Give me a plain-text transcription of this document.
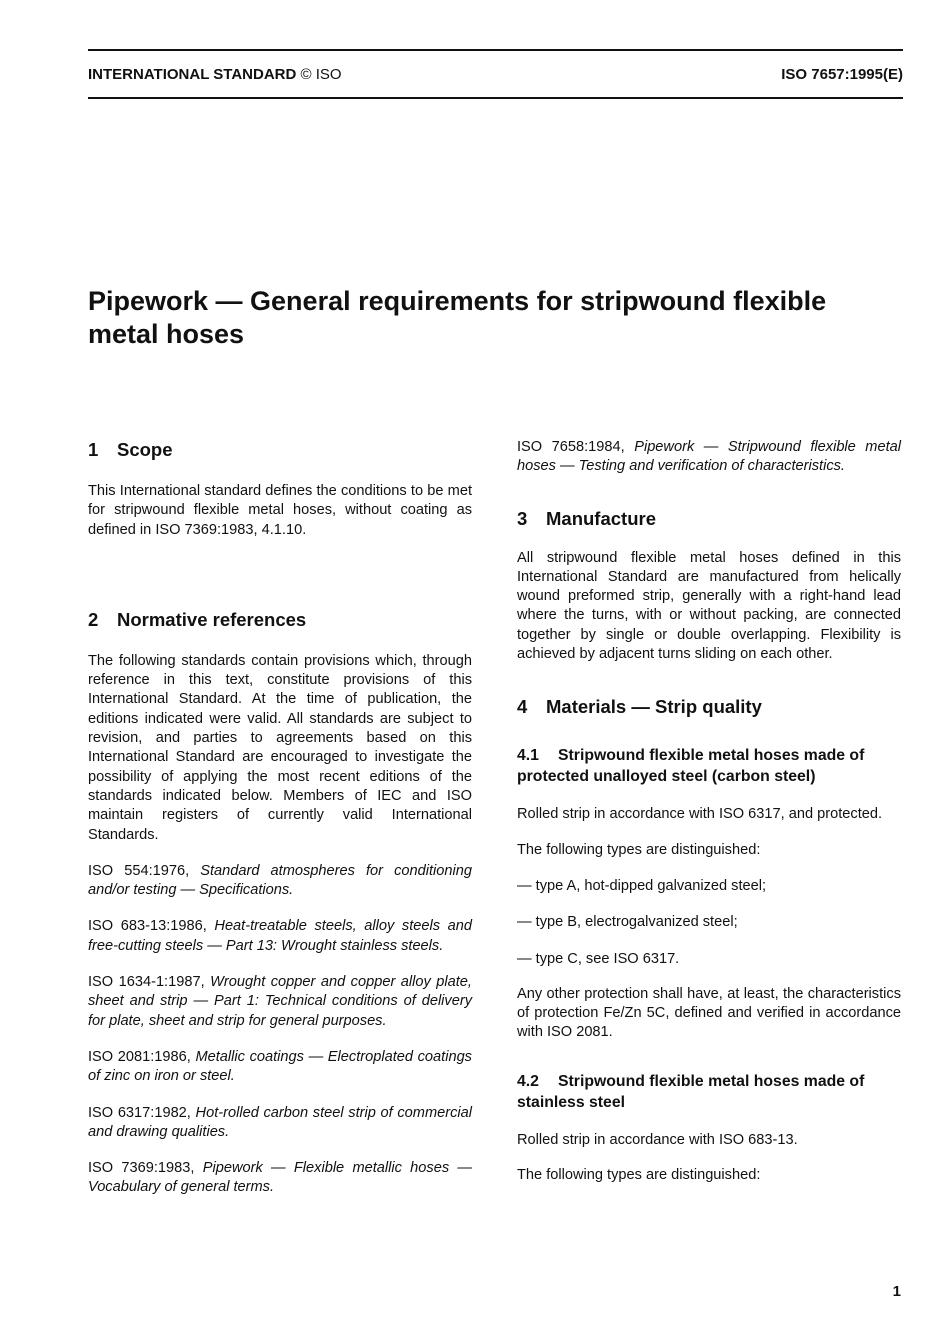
INTERNATIONAL STANDARD © ISO	ISO 7657:1995(E)
Pipework — General requirements for stripwound flexible metal hoses
1 Scope

This International standard defines the conditions to be met for stripwound flexible metal hoses, without coating as defined in ISO 7369:1983, 4.1.10.

2 Normative references

The following standards contain provisions which, through reference in this text, constitute provisions of this International Standard. At the time of publication, the editions indicated were valid. All standards are subject to revision, and parties to agreements based on this International Standard are encouraged to investigate the possibility of applying the most recent editions of the standards indicated below. Members of IEC and ISO maintain registers of currently valid International Standards.

ISO 554:1976, Standard atmospheres for conditioning and/or testing — Specifications.

ISO 683-13:1986, Heat-treatable steels, alloy steels and free-cutting steels — Part 13: Wrought stainless steels.

ISO 1634-1:1987, Wrought copper and copper alloy plate, sheet and strip — Part 1: Technical conditions of delivery for plate, sheet and strip for general purposes.

ISO 2081:1986, Metallic coatings — Electroplated coatings of zinc on iron or steel.

ISO 6317:1982, Hot-rolled carbon steel strip of commercial and drawing qualities.

ISO 7369:1983, Pipework — Flexible metallic hoses — Vocabulary of general terms.

ISO 7658:1984, Pipework — Stripwound flexible metal hoses — Testing and verification of characteristics.

3 Manufacture

All stripwound flexible metal hoses defined in this International Standard are manufactured from helically wound preformed strip, generally with a right-hand lead where the turns, with or without packing, are connected together by single or double overlapping. Flexibility is achieved by adjacent turns sliding on each other.

4 Materials — Strip quality
4.1 Stripwound flexible metal hoses made of protected unalloyed steel (carbon steel)

Rolled strip in accordance with ISO 6317, and protected.

The following types are distinguished:

— type A, hot-dipped galvanized steel;

— type B, electrogalvanized steel;

— type C, see ISO 6317.

Any other protection shall have, at least, the characteristics of protection Fe/Zn 5C, defined and verified in accordance with ISO 2081.

4.2 Stripwound flexible metal hoses made of stainless steel

Rolled strip in accordance with ISO 683-13.

The following types are distinguished:

1
